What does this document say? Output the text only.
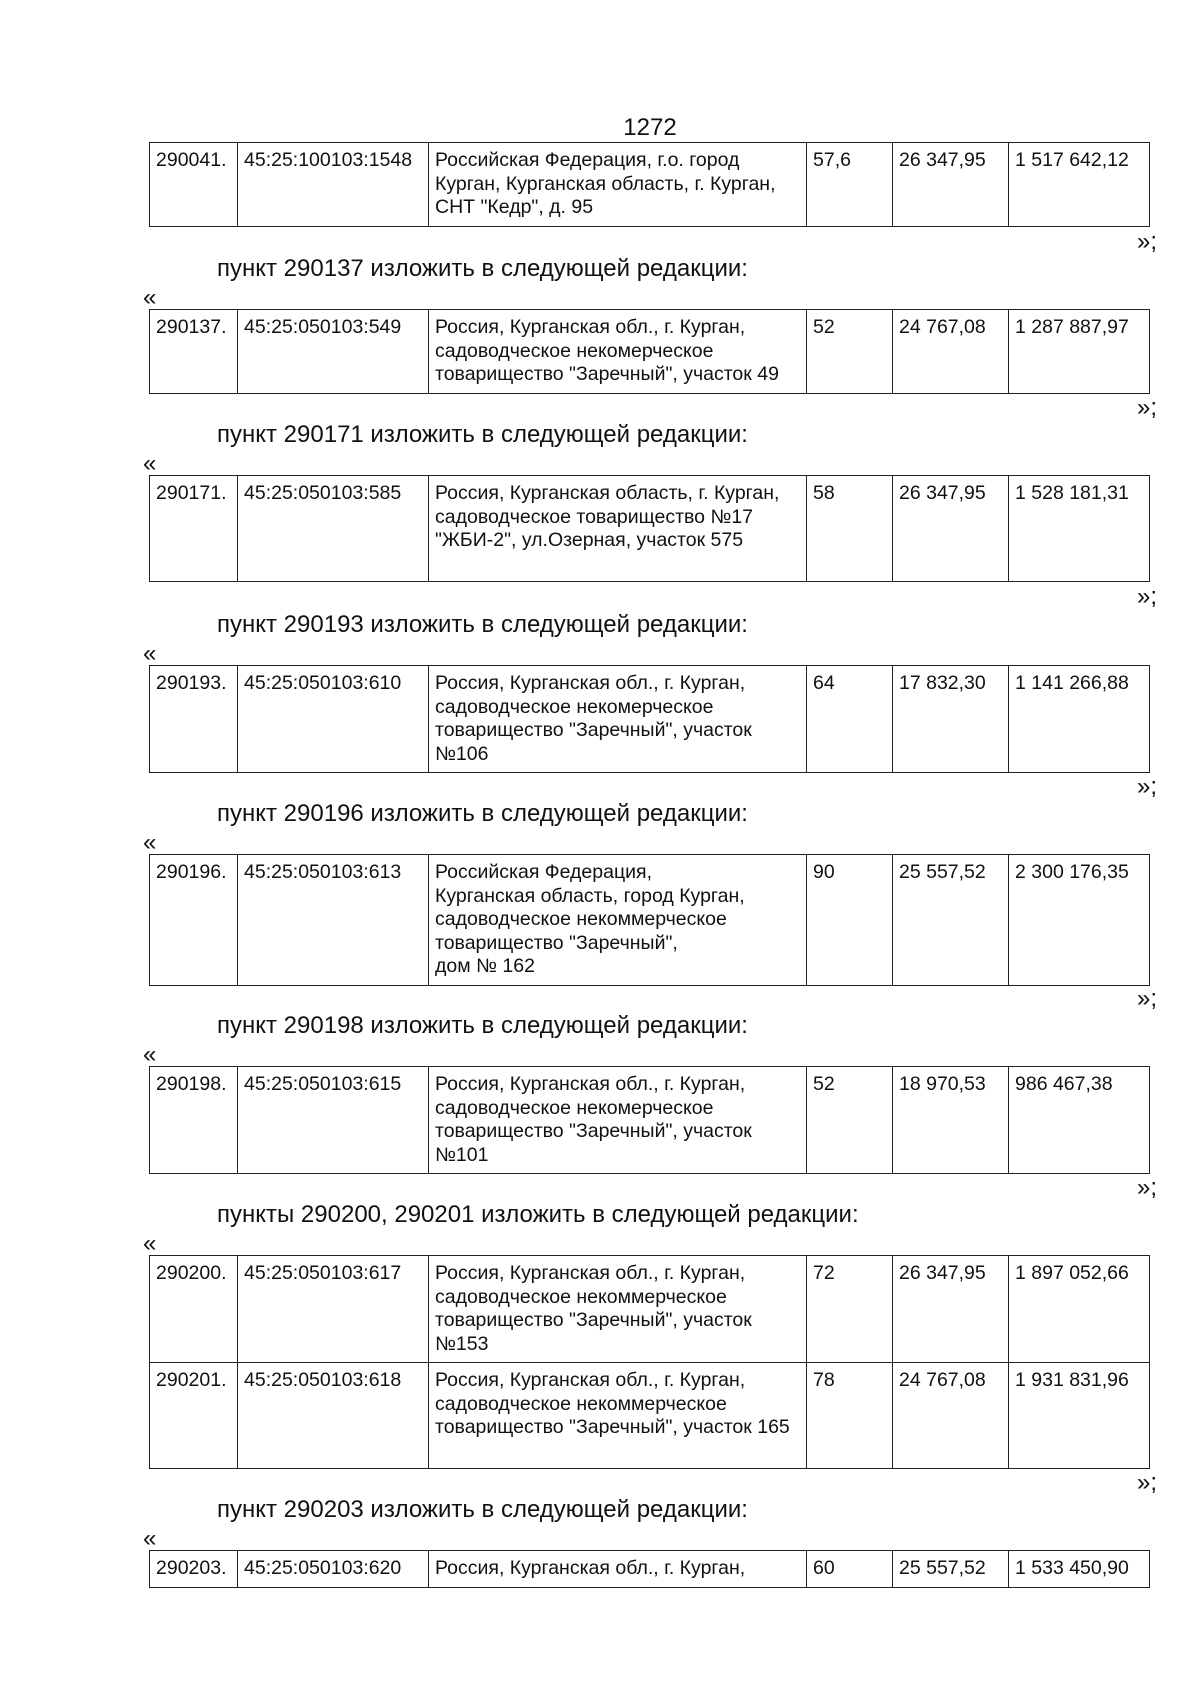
1272
290041.	45:25:100103:1548	Российская Федерация, г.о. город Курган, Курганская область, г. Курган, СНТ "Кедр", д. 95	57,6	26 347,95	1 517 642,12
»;
пункт 290137 изложить в следующей редакции:
«
290137.	45:25:050103:549	Россия, Курганская обл., г. Курган, садоводческое некомерческое товарищество "Заречный", участок 49	52	24 767,08	1 287 887,97
»;
пункт 290171 изложить в следующей редакции:
«
290171.	45:25:050103:585	Россия, Курганская область, г. Курган, садоводческое товарищество №17 "ЖБИ-2", ул.Озерная, участок 575	58	26 347,95	1 528 181,31
»;
пункт 290193 изложить в следующей редакции:
«
290193.	45:25:050103:610	Россия, Курганская обл., г. Курган, садоводческое некомерческое товарищество "Заречный", участок №106	64	17 832,30	1 141 266,88
»;
пункт 290196 изложить в следующей редакции:
«
290196.	45:25:050103:613	Российская Федерация,
Курганская область, город Курган,
садоводческое некоммерческое
товарищество "Заречный",
дом № 162
	90	25 557,52	2 300 176,35
»;
пункт 290198 изложить в следующей редакции:
«
290198.	45:25:050103:615	Россия, Курганская обл., г. Курган, садоводческое некомерческое товарищество "Заречный", участок №101	52	18 970,53	986 467,38
»;
пункты 290200, 290201 изложить в следующей редакции:
«
290200.	45:25:050103:617	Россия, Курганская обл., г. Курган, садоводческое некоммерческое товарищество "Заречный", участок №153	72	26 347,95	1 897 052,66
290201.	45:25:050103:618	Россия, Курганская обл., г. Курган, садоводческое некоммерческое товарищество "Заречный", участок 165	78	24 767,08	1 931 831,96
»;
пункт 290203 изложить в следующей редакции:
«
290203.	45:25:050103:620	Россия, Курганская обл., г. Курган,	60	25 557,52	1 533 450,90
